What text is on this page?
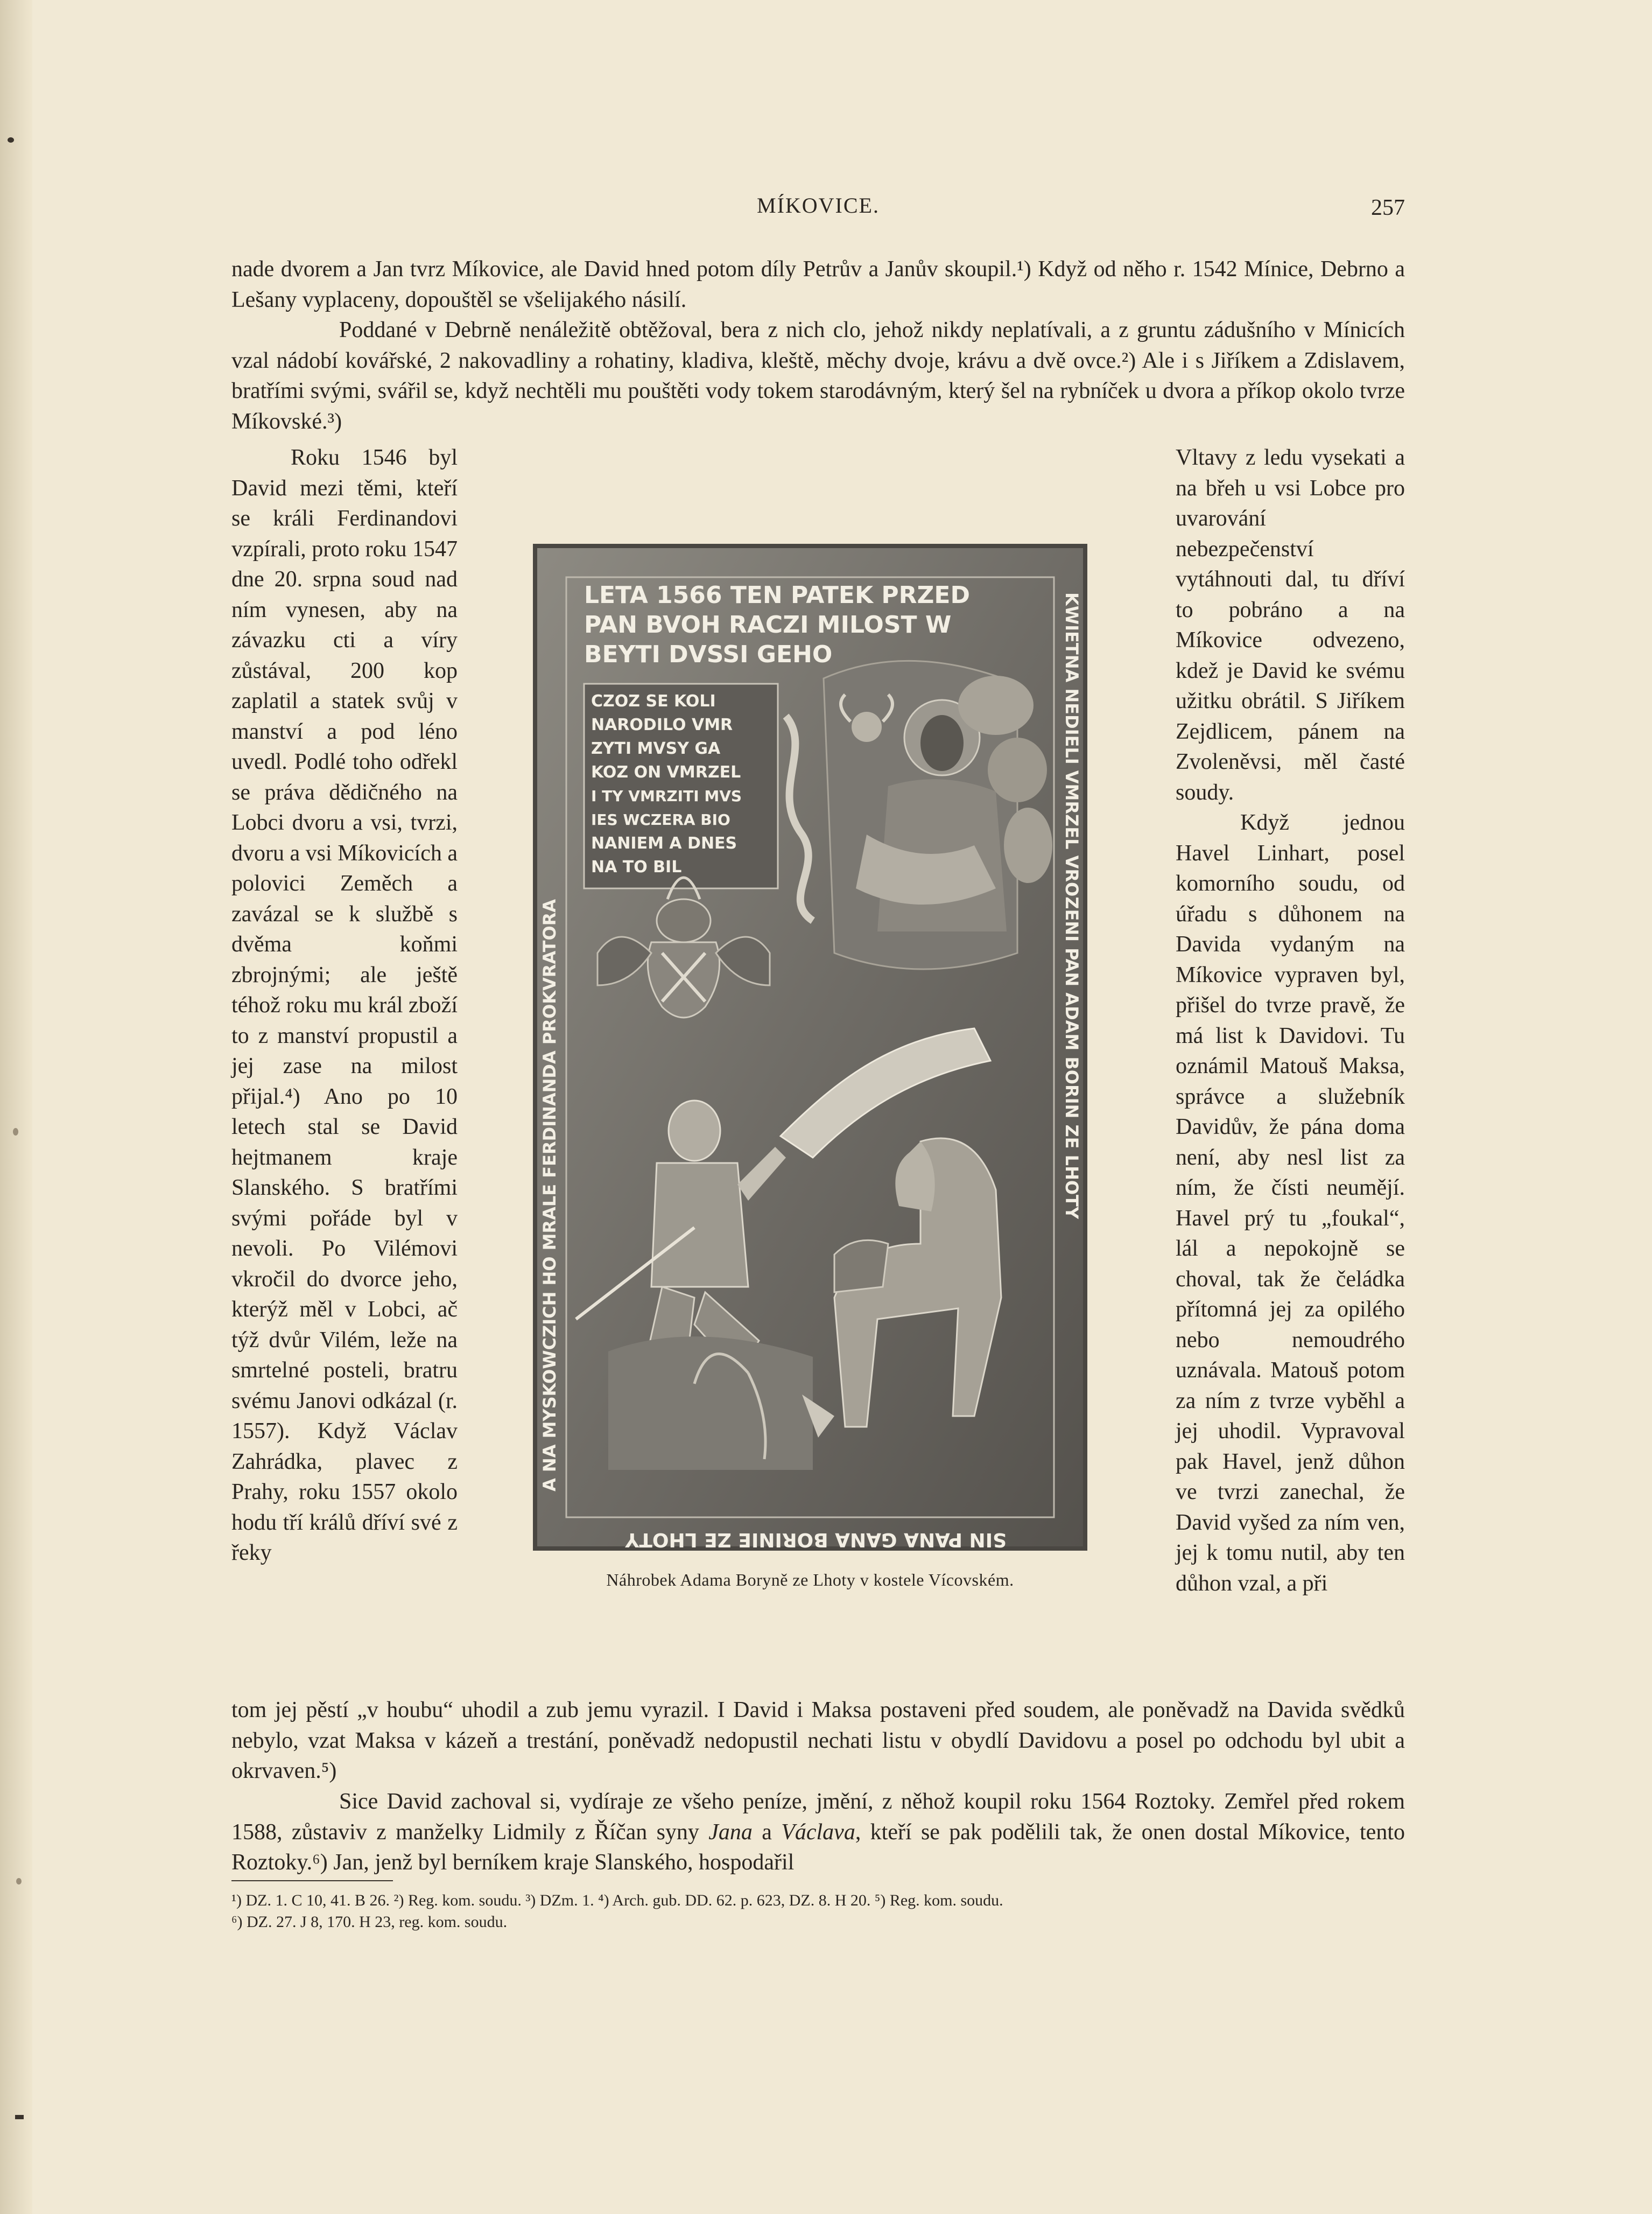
MÍKOVICE.	257

nade dvorem a Jan tvrz Míkovice, ale David hned potom díly Petrův a Janův skoupil.¹) Když od něho r. 1542 Mínice, Debrno a Lešany vyplaceny, dopouštěl se všelijakého násilí.

Poddané v Debrně nenáležitě obtěžoval, bera z nich clo, jehož nikdy neplatívali, a z gruntu zádušního v Mínicích vzal nádobí kovářské, 2 nakovadliny a rohatiny, kladiva, kleště, měchy dvoje, krávu a dvě ovce.²) Ale i s Jiříkem a Zdislavem, bratřími svými, svářil se, když nechtěli mu pouštěti vody tokem starodávným, který šel na rybníček u dvora a příkop okolo tvrze Míkovské.³)

Roku 1546 byl David mezi těmi, kteří se králi Ferdinandovi vzpírali, proto roku 1547 dne 20. srpna soud nad ním vynesen, aby na závazku cti a víry zůstával, 200 kop zaplatil a statek svůj v manství a pod léno uvedl. Podlé toho odřekl se práva dědičného na Lobci dvoru a vsi, tvrzi, dvoru a vsi Míkovicích a polovici Zeměch a zavázal se k službě s dvěma koňmi zbrojnými; ale ještě téhož roku mu král zboží to z manství propustil a jej zase na milost přijal.⁴) Ano po 10 letech stal se David hejtmanem kraje Slanského. S bratřími svými pořáde byl v nevoli. Po Vilémovi vkročil do dvorce jeho, kterýž měl v Lobci, ač týž dvůr Vilém, leže na smrtelné posteli, bratru svému Janovi odkázal (r. 1557). Když Václav Zahrádka, plavec z Prahy, roku 1557 okolo hodu tří králů dříví své z řeky

Vltavy z ledu vysekati a na břeh u vsi Lobce pro uvarování nebezpečenství vytáhnouti dal, tu dříví to pobráno a na Míkovice odvezeno, kdež je David ke svému užitku obrátil. S Jiříkem Zejdlicem, pánem na Zvoleněvsi, měl časté soudy.

Když jednou Havel Linhart, posel komorního soudu, od úřadu s důhonem na Davida vydaným na Míkovice vypraven byl, přišel do tvrze pravě, že má list k Davidovi. Tu oznámil Matouš Maksa, správce a služebník Davidův, že pána doma není, aby nesl list za ním, že čísti neumějí. Havel prý tu „foukal“, lál a nepokojně se choval, tak že čeládka přítomná jej za opilého nebo nemoudrého uznávala. Matouš potom za ním z tvrze vyběhl a jej uhodil. Vypravoval pak Havel, jenž důhon ve tvrzi zanechal, že David vyšed za ním ven, jej k tomu nutil, aby ten důhon vzal, a při

LETA 1566 TEN PATEK PRZED
PAN BVOH RACZI MILOST W
BEYTI DVSSI GEHO	KWIETNA NEDIELI VMRZEL VROZENI PAN ADAM BORIN ZE LHOTY
A NA MYSKOWCZICH HO MRALE FERDINANDA PROKVRATORA
SIN PANA GANA BORINIE ZE LHOTY
CZOZ SE KOLI
NARODILO VMR
ZYTI MVSY GA
KOZ ON VMRZEL
I TY VMRZITI MVS
IES WCZERA BIO
NANIEM A DNES
NA TO BIL
Náhrobek Adama Boryně ze Lhoty v kostele Vícovském.

tom jej pěstí „v houbu“ uhodil a zub jemu vyrazil. I David i Maksa postaveni před soudem, ale poněvadž na Davida svědků nebylo, vzat Maksa v kázeň a trestání, poněvadž nedopustil nechati listu v obydlí Davidovu a posel po odchodu byl ubit a okrvaven.⁵)

Sice David zachoval si, vydíraje ze všeho peníze, jmění, z něhož koupil roku 1564 Roztoky. Zemřel před rokem 1588, zůstaviv z manželky Lidmily z Říčan syny Jana a Václava, kteří se pak podělili tak, že onen dostal Míkovice, tento Roztoky.⁶) Jan, jenž byl berníkem kraje Slanského, hospodařil

¹) DZ. 1. C 10, 41. B 26. ²) Reg. kom. soudu. ³) DZm. 1. ⁴) Arch. gub. DD. 62. p. 623, DZ. 8. H 20. ⁵) Reg. kom. soudu.
⁶) DZ. 27. J 8, 170. H 23, reg. kom. soudu.
